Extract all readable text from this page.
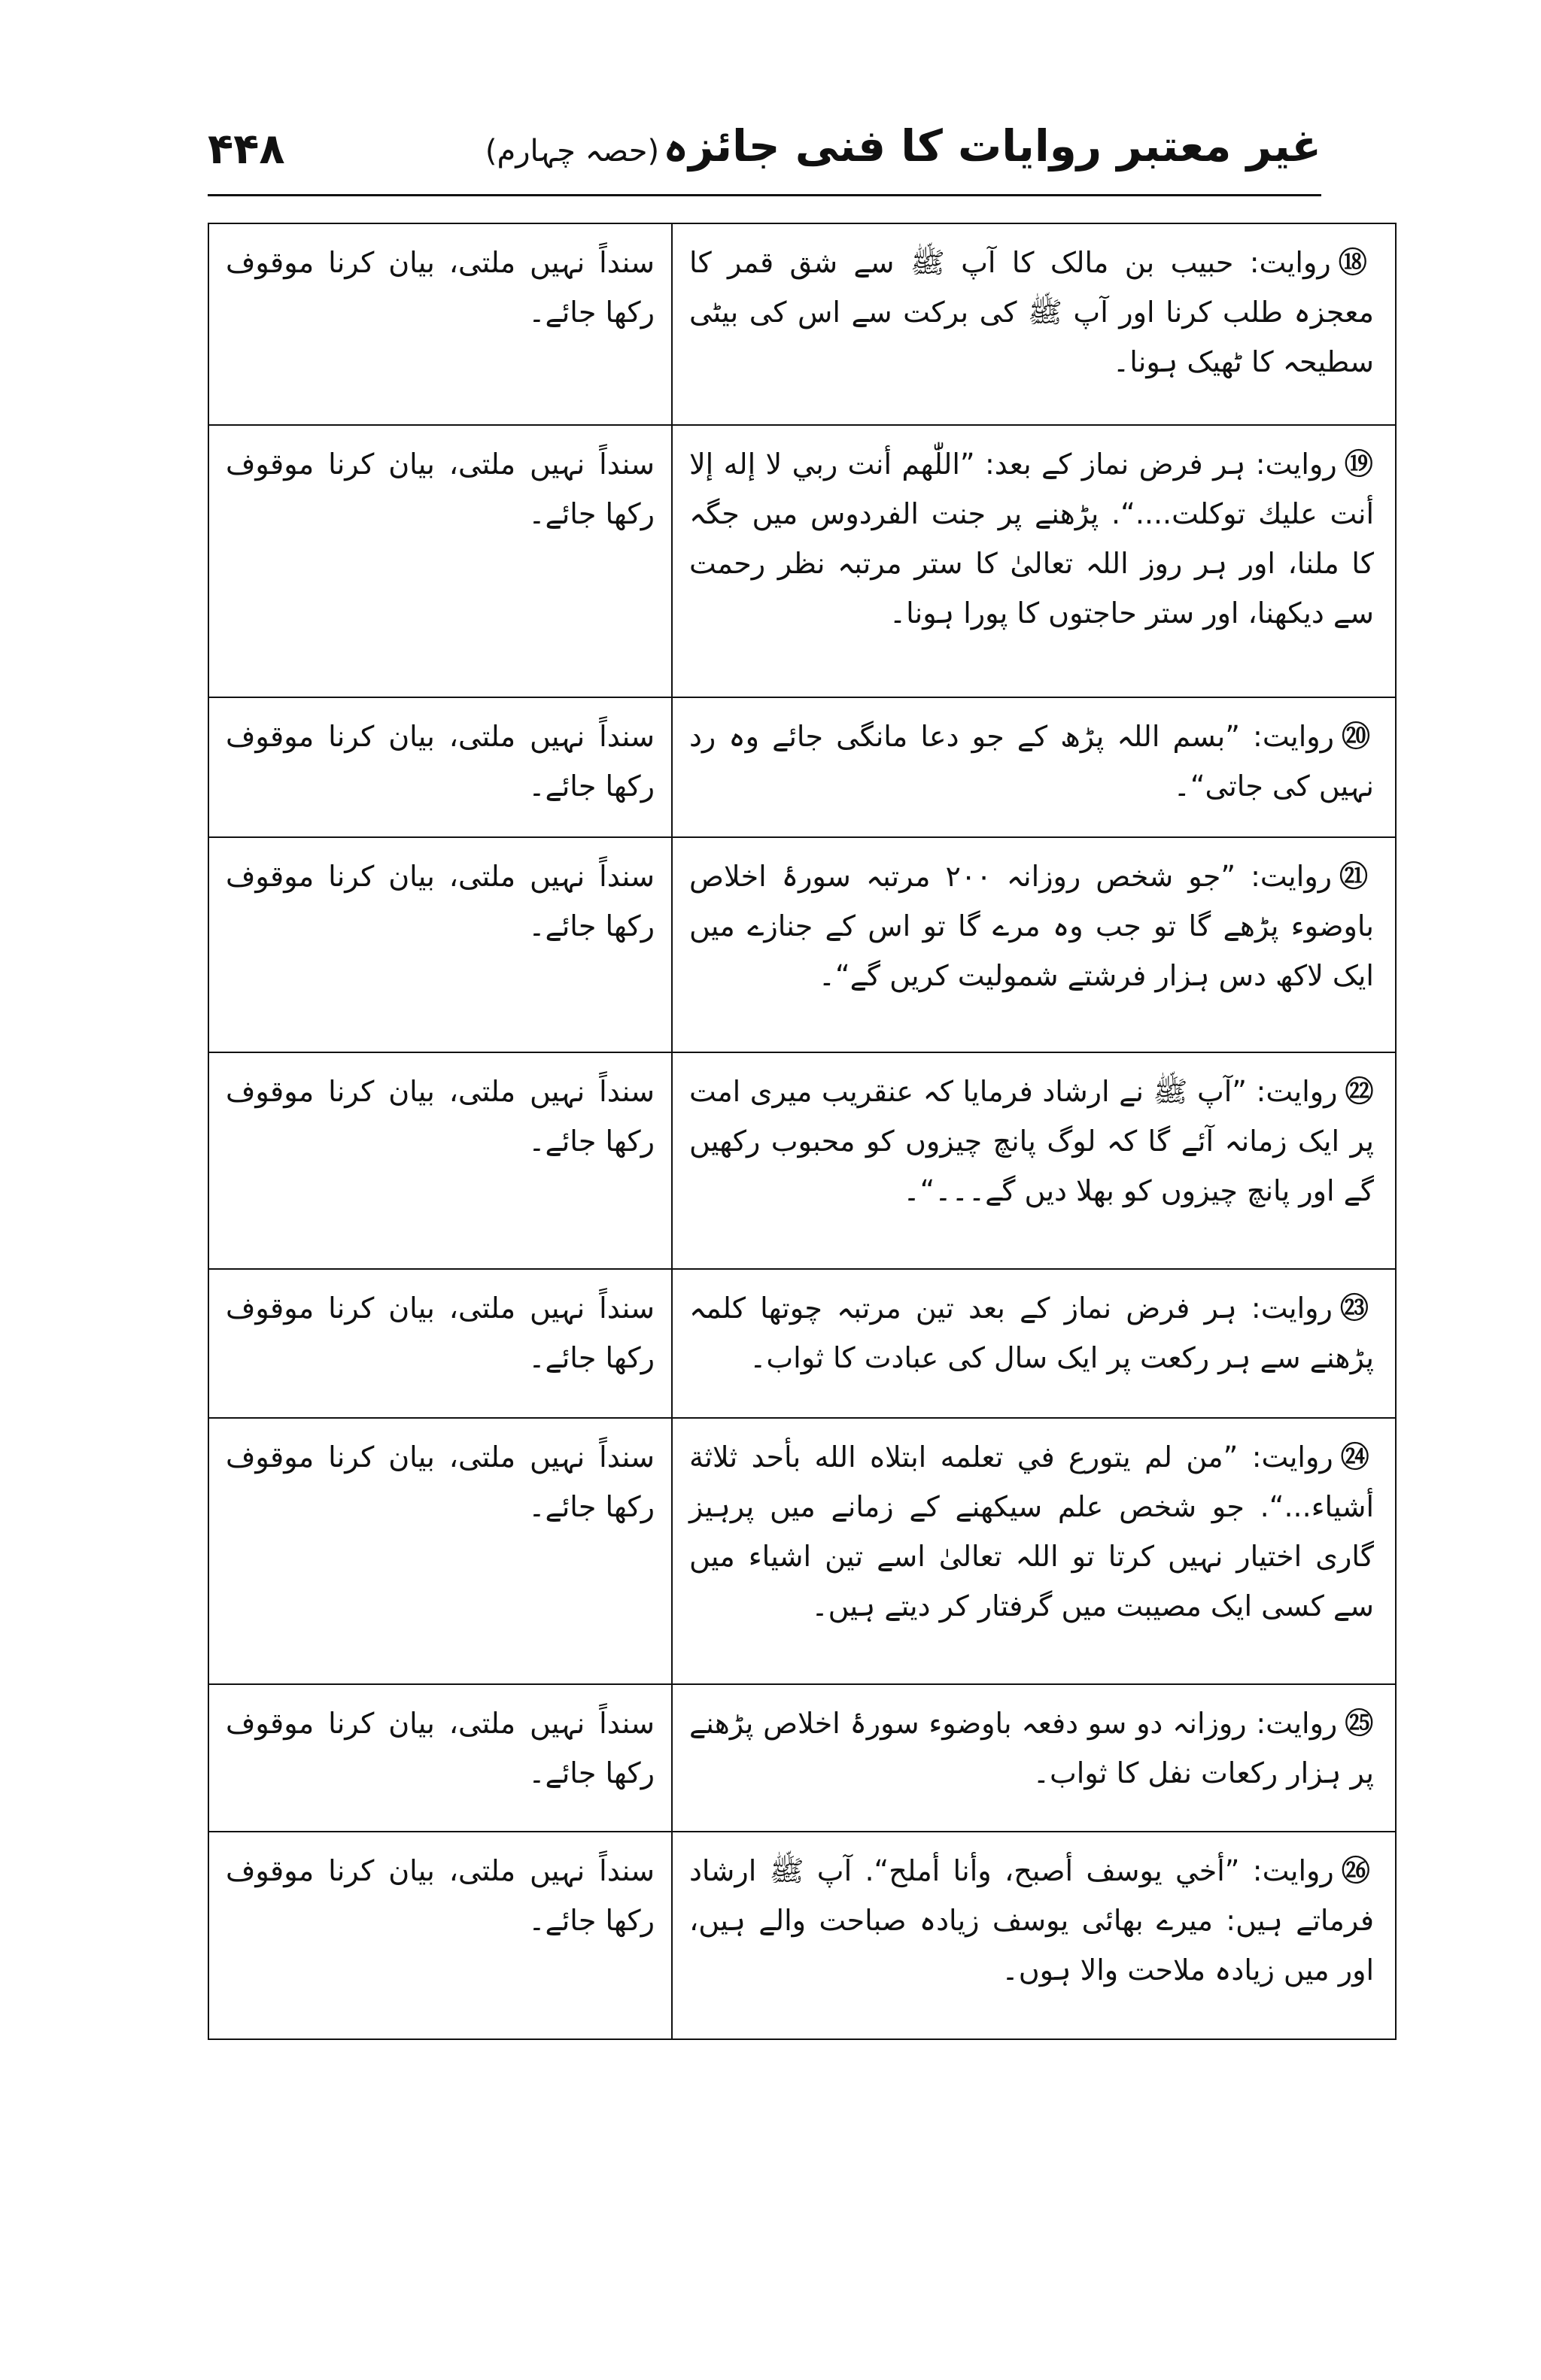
۴۴۸	غیر معتبر روایات کا فنی جائزہ (حصہ چہارم)
⑱روایت: حبیب بن مالک کا آپ ﷺ سے شق قمر کا معجزہ طلب کرنا اور آپ ﷺ کی برکت سے اس کی بیٹی سطیحہ کا ٹھیک ہونا۔	سنداً نہیں ملتی، بیان کرنا موقوف رکھا جائے۔
⑲روایت: ہر فرض نماز کے بعد: ”اللّٰھم أنت ربي لا إله إلا أنت عليك توكلت....“. پڑھنے پر جنت الفردوس میں جگہ کا ملنا، اور ہر روز اللہ تعالیٰ کا ستر مرتبہ نظر رحمت سے دیکھنا، اور ستر حاجتوں کا پورا ہونا۔	سنداً نہیں ملتی، بیان کرنا موقوف رکھا جائے۔
⑳روایت: ”بسم اللہ پڑھ کے جو دعا مانگی جائے وہ رد نہیں کی جاتی“۔	سنداً نہیں ملتی، بیان کرنا موقوف رکھا جائے۔
㉑روایت: ”جو شخص روزانہ ۲۰۰ مرتبہ سورۂ اخلاص باوضوء پڑھے گا تو جب وہ مرے گا تو اس کے جنازے میں ایک لاکھ دس ہزار فرشتے شمولیت کریں گے“۔	سنداً نہیں ملتی، بیان کرنا موقوف رکھا جائے۔
㉒روایت: ”آپ ﷺ نے ارشاد فرمایا کہ عنقریب میری امت پر ایک زمانہ آئے گا کہ لوگ پانچ چیزوں کو محبوب رکھیں گے اور پانچ چیزوں کو بھلا دیں گے۔۔۔“۔	سنداً نہیں ملتی، بیان کرنا موقوف رکھا جائے۔
㉓روایت: ہر فرض نماز کے بعد تین مرتبہ چوتھا کلمہ پڑھنے سے ہر رکعت پر ایک سال کی عبادت کا ثواب۔	سنداً نہیں ملتی، بیان کرنا موقوف رکھا جائے۔
㉔روایت: ”من لم يتورع في تعلمه ابتلاه الله بأحد ثلاثة أشياء...“. جو شخص علم سیکھنے کے زمانے میں پرہیز گاری اختیار نہیں کرتا تو اللہ تعالیٰ اسے تین اشیاء میں سے کسی ایک مصیبت میں گرفتار کر دیتے ہیں۔	سنداً نہیں ملتی، بیان کرنا موقوف رکھا جائے۔
㉕روایت: روزانہ دو سو دفعہ باوضوء سورۂ اخلاص پڑھنے پر ہزار رکعات نفل کا ثواب۔	سنداً نہیں ملتی، بیان کرنا موقوف رکھا جائے۔
㉖روایت: ”أخي يوسف أصبح، وأنا أملح“. آپ ﷺ ارشاد فرماتے ہیں: میرے بھائی یوسف زیادہ صباحت والے ہیں، اور میں زیادہ ملاحت والا ہوں۔	سنداً نہیں ملتی، بیان کرنا موقوف رکھا جائے۔
